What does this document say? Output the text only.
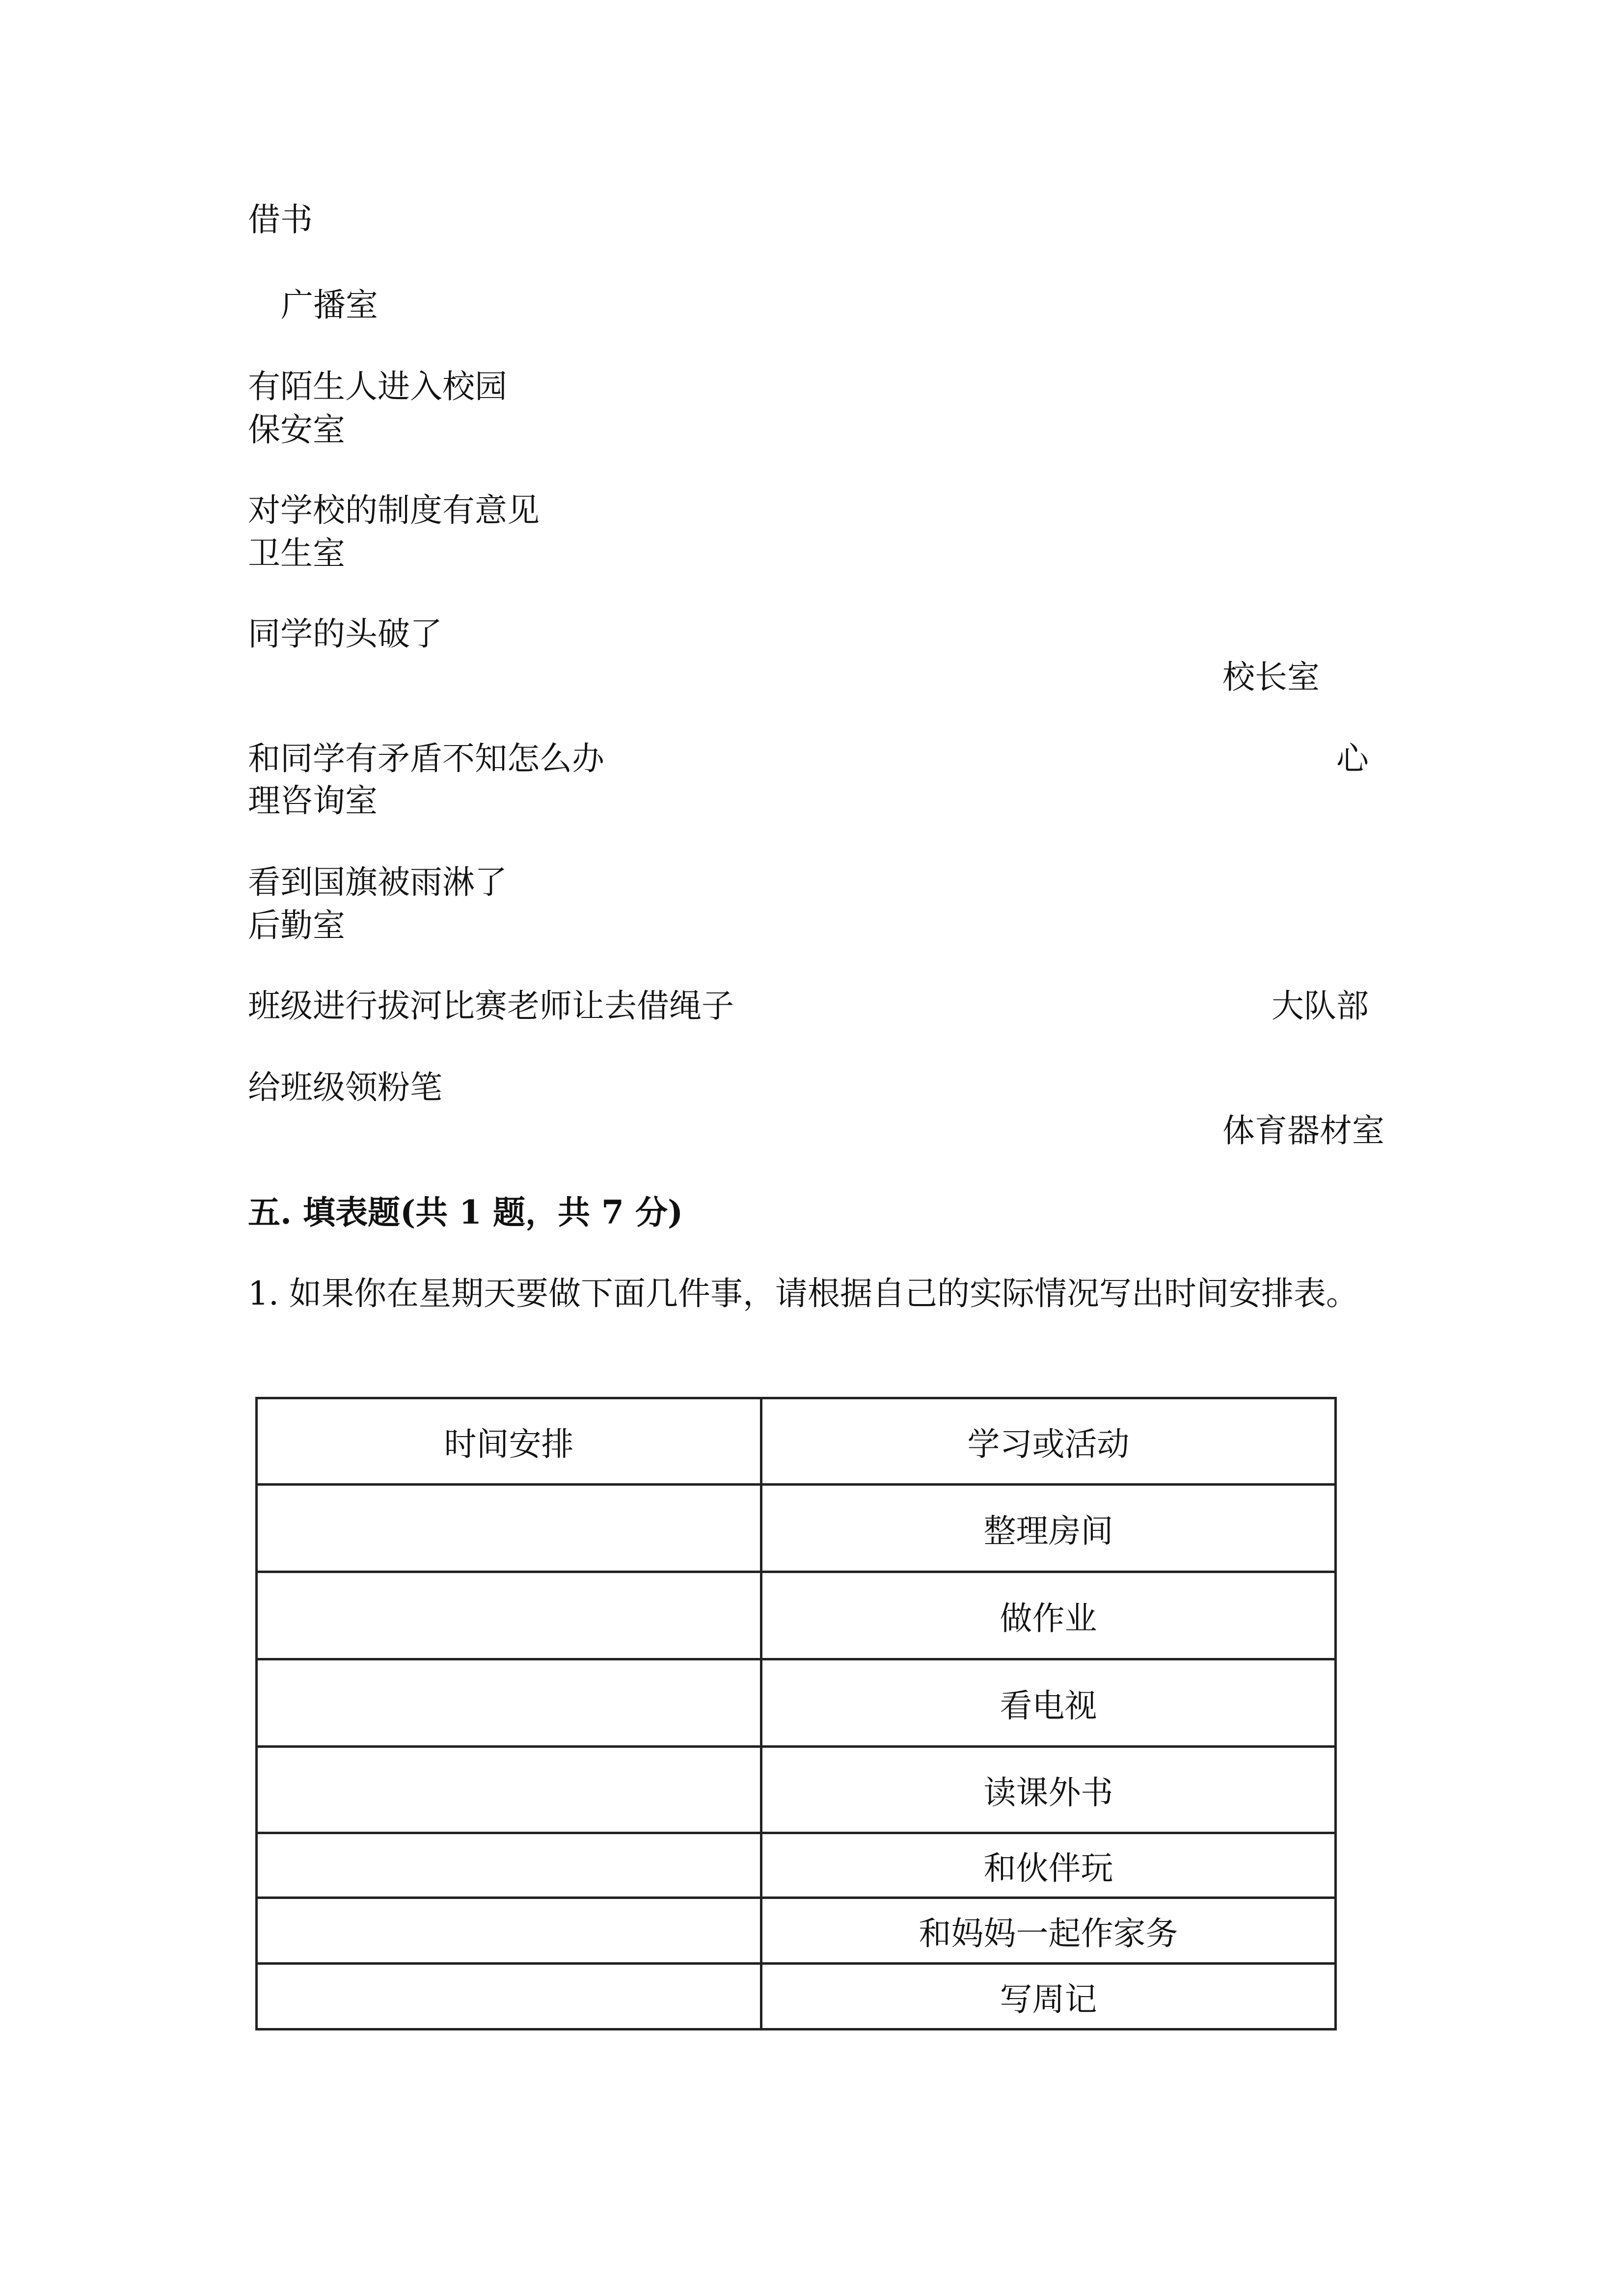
借书
广播室
有陌生人进入校园
保安室
对学校的制度有意见
卫生室
同学的头破了
校长室
和同学有矛盾不知怎么办	心
理咨询室
看到国旗被雨淋了
后勤室
班级进行拔河比赛老师让去借绳子	大队部
给班级领粉笔
体育器材室
五. 填表题(共 1 题，共 7 分)
1. 如果你在星期天要做下面几件事，请根据自己的实际情况写出时间安排表。
时间安排	学习或活动
	整理房间
	做作业
	看电视
	读课外书
	和伙伴玩
	和妈妈一起作家务
	写周记
